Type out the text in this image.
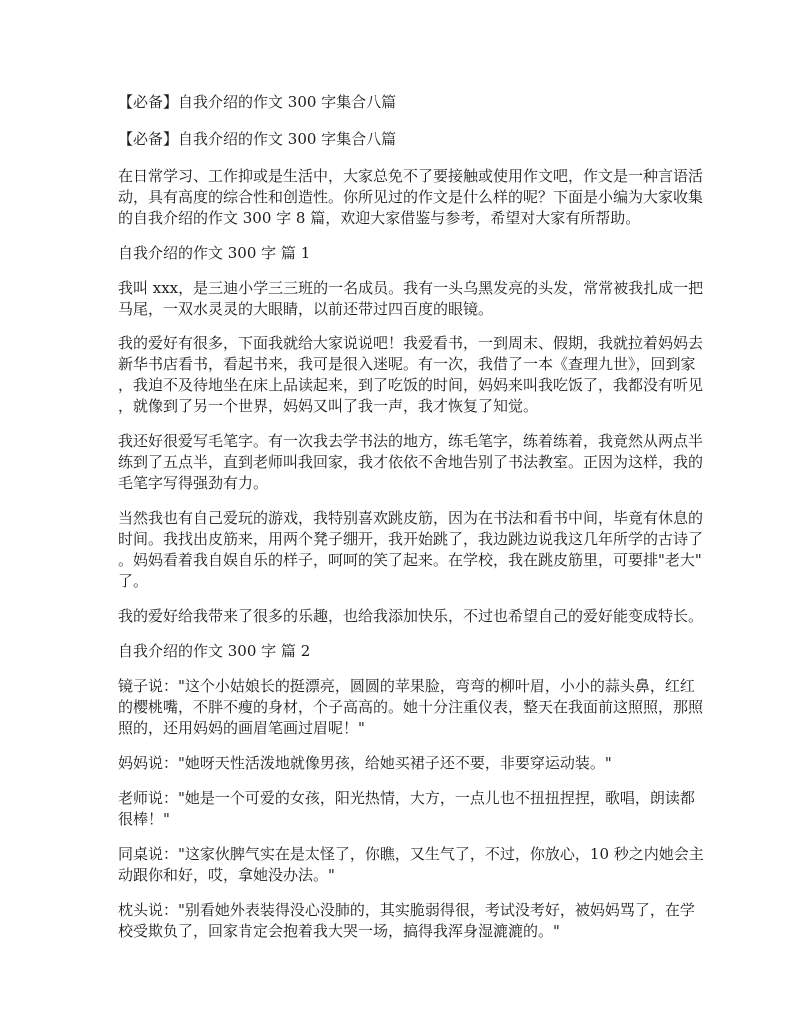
【必备】自我介绍的作文 300 字集合八篇
【必备】自我介绍的作文 300 字集合八篇
在日常学习、工作抑或是生活中，大家总免不了要接触或使用作文吧，作文是一种言语活
动，具有高度的综合性和创造性。你所见过的作文是什么样的呢？下面是小编为大家收集
的自我介绍的作文 300 字 8 篇，欢迎大家借鉴与参考，希望对大家有所帮助。
自我介绍的作文 300 字 篇 1
我叫 xxx，是三迪小学三三班的一名成员。我有一头乌黑发亮的头发，常常被我扎成一把
马尾，一双水灵灵的大眼睛，以前还带过四百度的眼镜。
我的爱好有很多，下面我就给大家说说吧！我爱看书，一到周末、假期，我就拉着妈妈去
新华书店看书，看起书来，我可是很入迷呢。有一次，我借了一本《查理九世》，回到家
，我迫不及待地坐在床上品读起来，到了吃饭的时间，妈妈来叫我吃饭了，我都没有听见
，就像到了另一个世界，妈妈又叫了我一声，我才恢复了知觉。
我还好很爱写毛笔字。有一次我去学书法的地方，练毛笔字，练着练着，我竟然从两点半
练到了五点半，直到老师叫我回家，我才依依不舍地告别了书法教室。正因为这样，我的
毛笔字写得强劲有力。
当然我也有自己爱玩的游戏，我特别喜欢跳皮筋，因为在书法和看书中间，毕竟有休息的
时间。我找出皮筋来，用两个凳子绷开，我开始跳了，我边跳边说我这几年所学的古诗了
。妈妈看着我自娱自乐的样子，呵呵的笑了起来。在学校，我在跳皮筋里，可要排"老大"
了。
我的爱好给我带来了很多的乐趣，也给我添加快乐，不过也希望自己的爱好能变成特长。
自我介绍的作文 300 字 篇 2
镜子说："这个小姑娘长的挺漂亮，圆圆的苹果脸，弯弯的柳叶眉，小小的蒜头鼻，红红
的樱桃嘴，不胖不瘦的身材，个子高高的。她十分注重仪表，整天在我面前这照照，那照
照的，还用妈妈的画眉笔画过眉呢！"
妈妈说："她呀天性活泼地就像男孩，给她买裙子还不要，非要穿运动装。"
老师说："她是一个可爱的女孩，阳光热情，大方，一点儿也不扭扭捏捏，歌唱，朗读都
很棒！"
同桌说："这家伙脾气实在是太怪了，你瞧，又生气了，不过，你放心，10 秒之内她会主
动跟你和好，哎，拿她没办法。"
枕头说："别看她外表装得没心没肺的，其实脆弱得很，考试没考好，被妈妈骂了，在学
校受欺负了，回家肯定会抱着我大哭一场，搞得我浑身湿漉漉的。"
